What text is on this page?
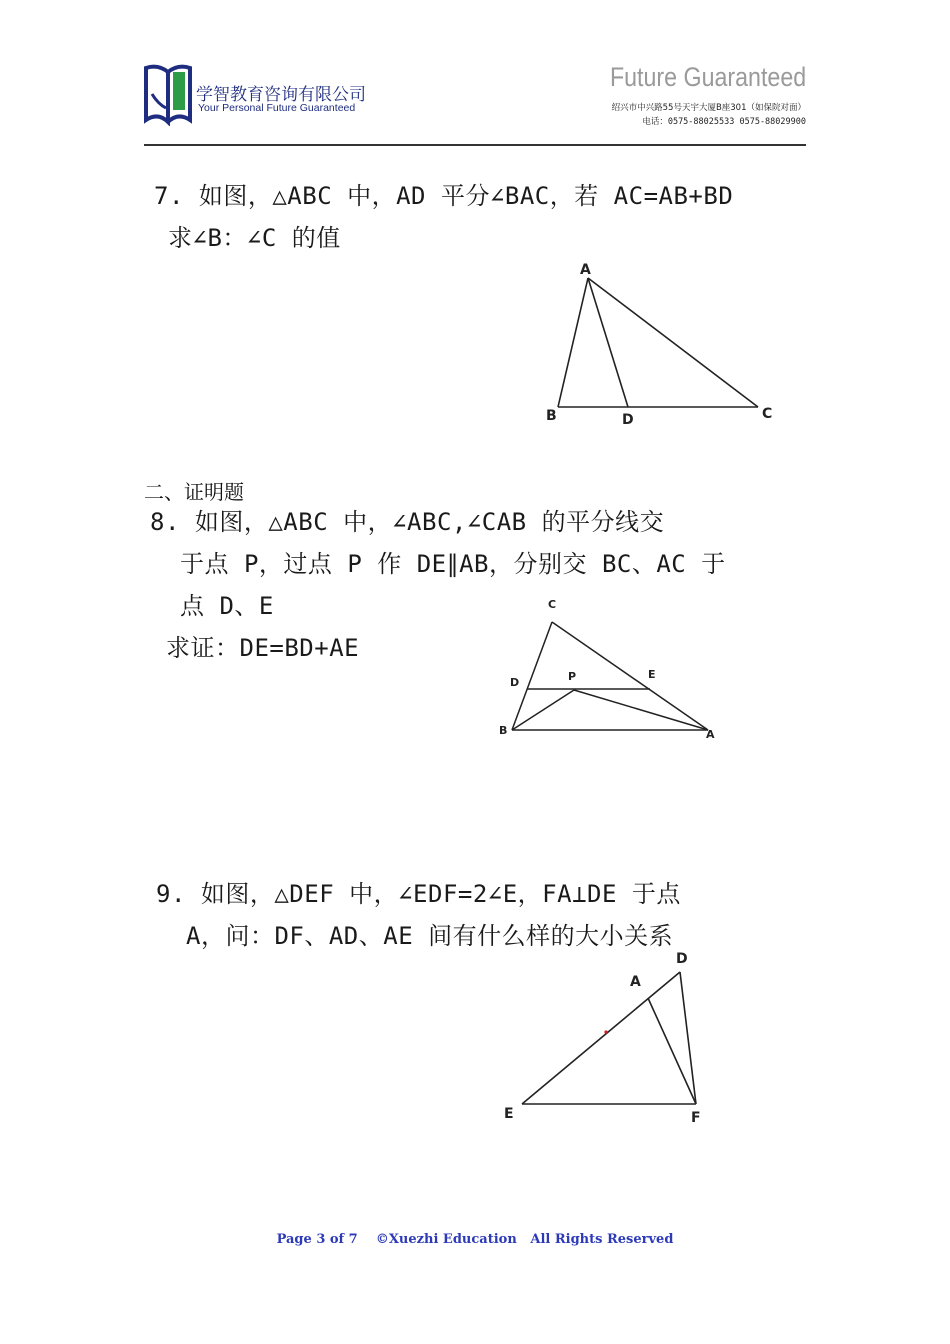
学智教育咨询有限公司
Your Personal Future Guaranteed
Future Guaranteed
绍兴市中兴路55号天宇大厦B座301（如保院对面）
电话：0575-88025533 0575-88029900
7. 如图，△ABC 中，AD 平分∠BAC，若 AC=AB+BD
求∠B：∠C 的值
A
B	C
D
二、证明题
8. 如图，△ABC 中，∠ABC,∠CAB 的平分线交
于点 P，过点 P 作 DE∥AB，分别交 BC、AC 于
点 D、E
求证：DE=BD+AE
C
D	P	E
B	A
9. 如图，△DEF 中，∠EDF=2∠E，FA⊥DE 于点
A，问：DF、AD、AE 间有什么样的大小关系
D
A
E	F
Page 3 of 7    ©Xuezhi Education   All Rights Reserved
